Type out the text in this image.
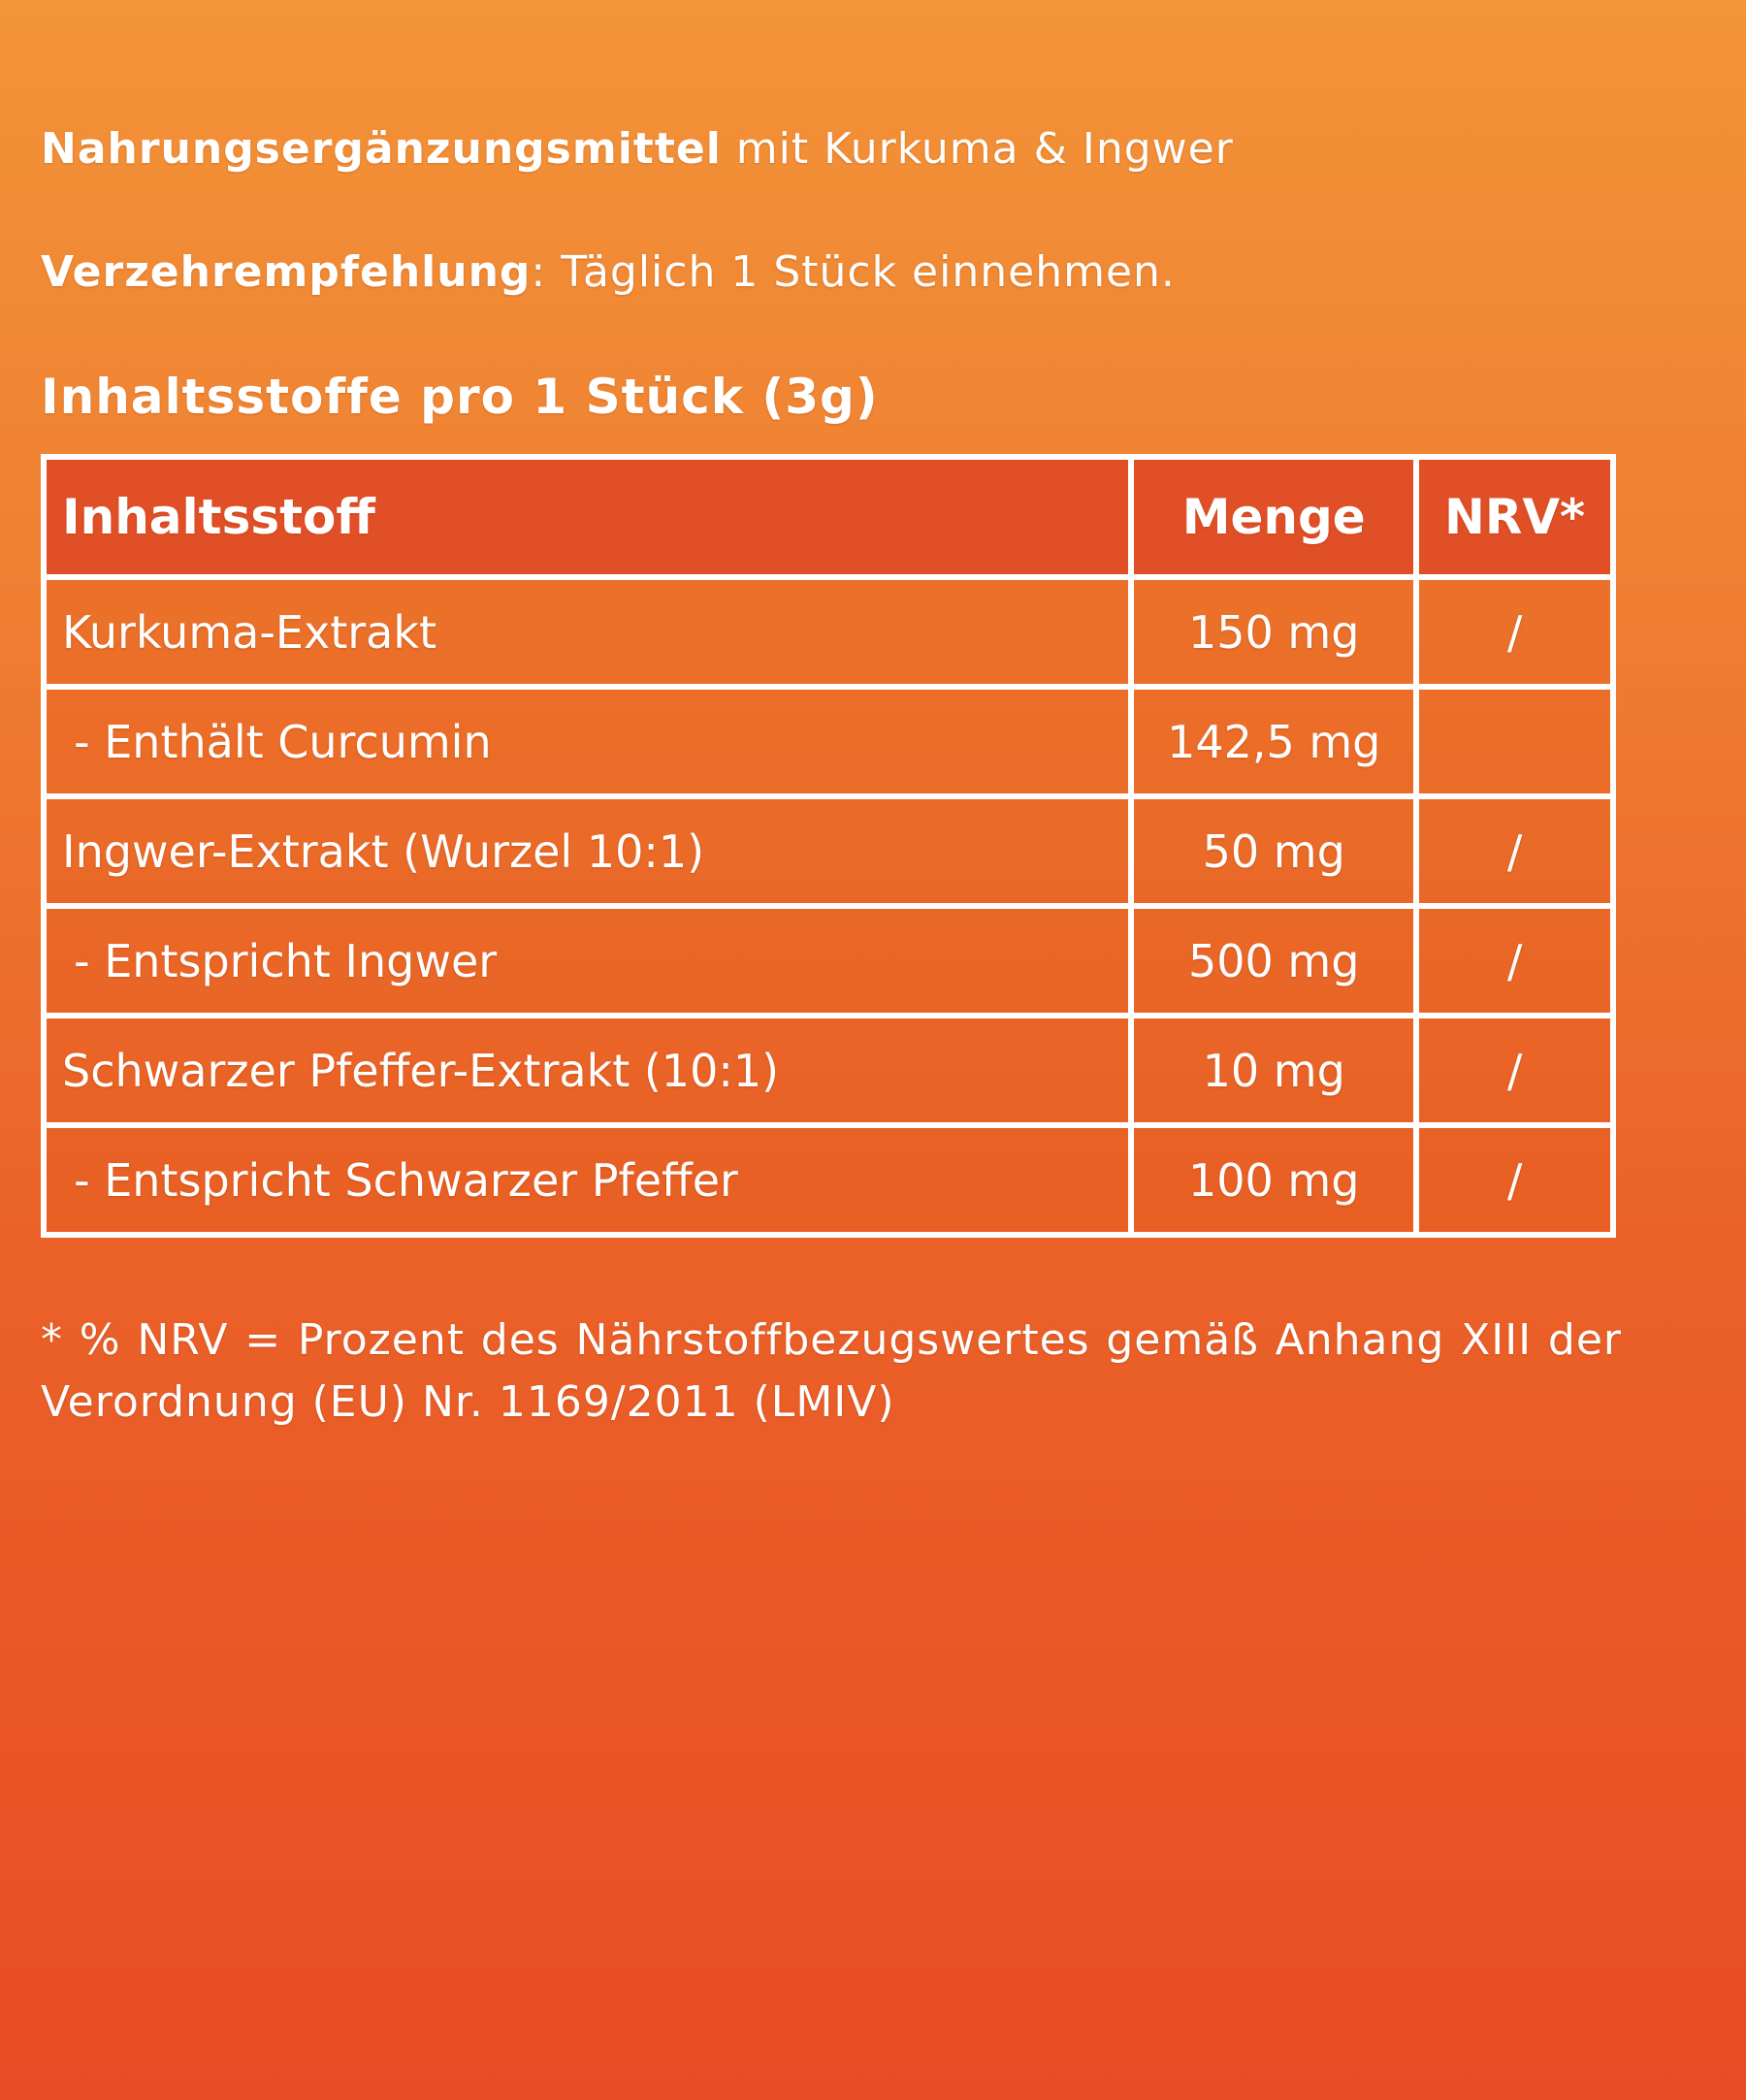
Nahrungsergänzungsmittel mit Kurkuma & Ingwer
Verzehrempfehlung: Täglich 1 Stück einnehmen.
Inhaltsstoffe pro 1 Stück (3g)
Inhaltsstoff	Menge	NRV*
Kurkuma-Extrakt	150 mg	/
- Enthält Curcumin	142,5 mg	
Ingwer-Extrakt (Wurzel 10:1)	50 mg	/
- Entspricht Ingwer	500 mg	/
Schwarzer Pfeffer-Extrakt (10:1)	10 mg	/
- Entspricht Schwarzer Pfeffer	100 mg	/
* % NRV = Prozent des Nährstoffbezugswertes gemäß Anhang XIII der Verordnung (EU) Nr. 1169/2011 (LMIV)
